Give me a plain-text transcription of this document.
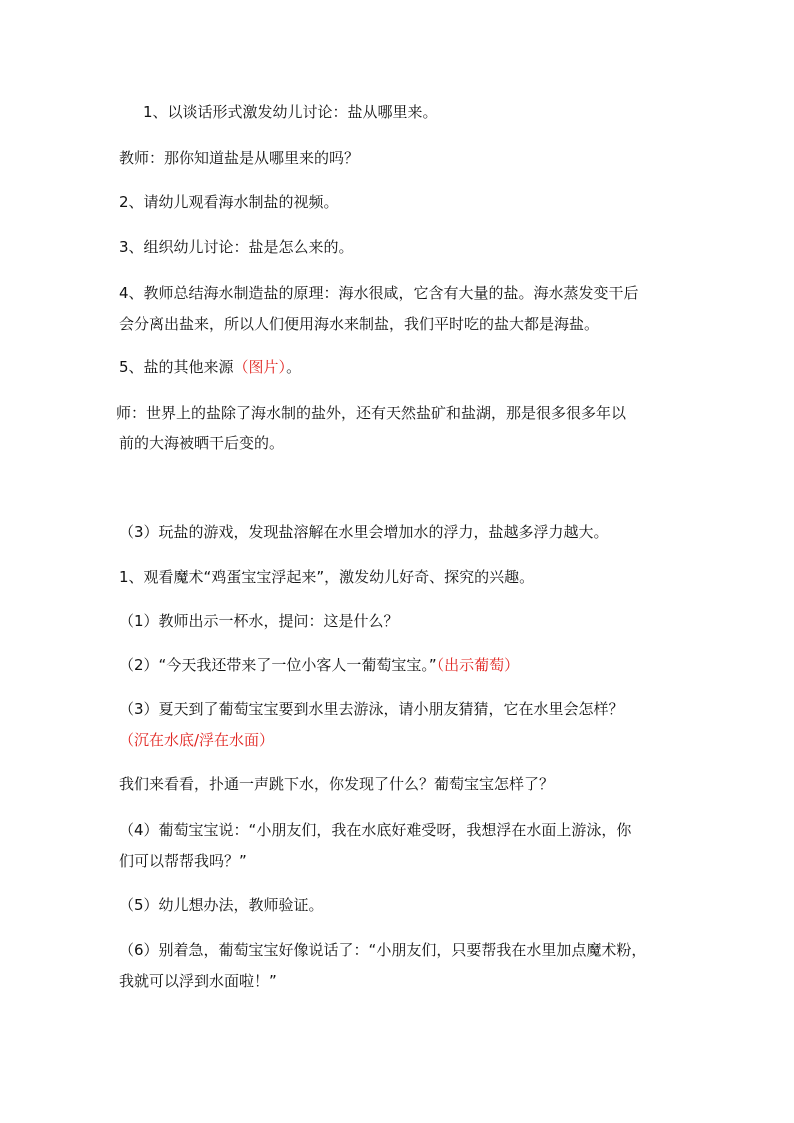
1、以谈话形式激发幼儿讨论：盐从哪里来。

教师：那你知道盐是从哪里来的吗？

2、请幼儿观看海水制盐的视频。

3、组织幼儿讨论：盐是怎么来的。

4、教师总结海水制造盐的原理：海水很咸，它含有大量的盐。海水蒸发变干后

会分离出盐来，所以人们便用海水来制盐，我们平时吃的盐大都是海盐。

5、盐的其他来源（图片）。

师：世界上的盐除了海水制的盐外，还有天然盐矿和盐湖，那是很多很多年以

前的大海被晒干后变的。

（3）玩盐的游戏，发现盐溶解在水里会增加水的浮力，盐越多浮力越大。

1、观看魔术“鸡蛋宝宝浮起来”，激发幼儿好奇、探究的兴趣。

（1）教师出示一杯水，提问：这是什么？

（2）“今天我还带来了一位小客人一葡萄宝宝。”（出示葡萄）

（3）夏天到了葡萄宝宝要到水里去游泳，请小朋友猜猜，它在水里会怎样？

（沉在水底/浮在水面）

我们来看看，扑通一声跳下水，你发现了什么？葡萄宝宝怎样了？

（4）葡萄宝宝说：“小朋友们，我在水底好难受呀，我想浮在水面上游泳，你

们可以帮帮我吗？”

（5）幼儿想办法，教师验证。

（6）别着急，葡萄宝宝好像说话了：“小朋友们，只要帮我在水里加点魔术粉，

我就可以浮到水面啦！”
